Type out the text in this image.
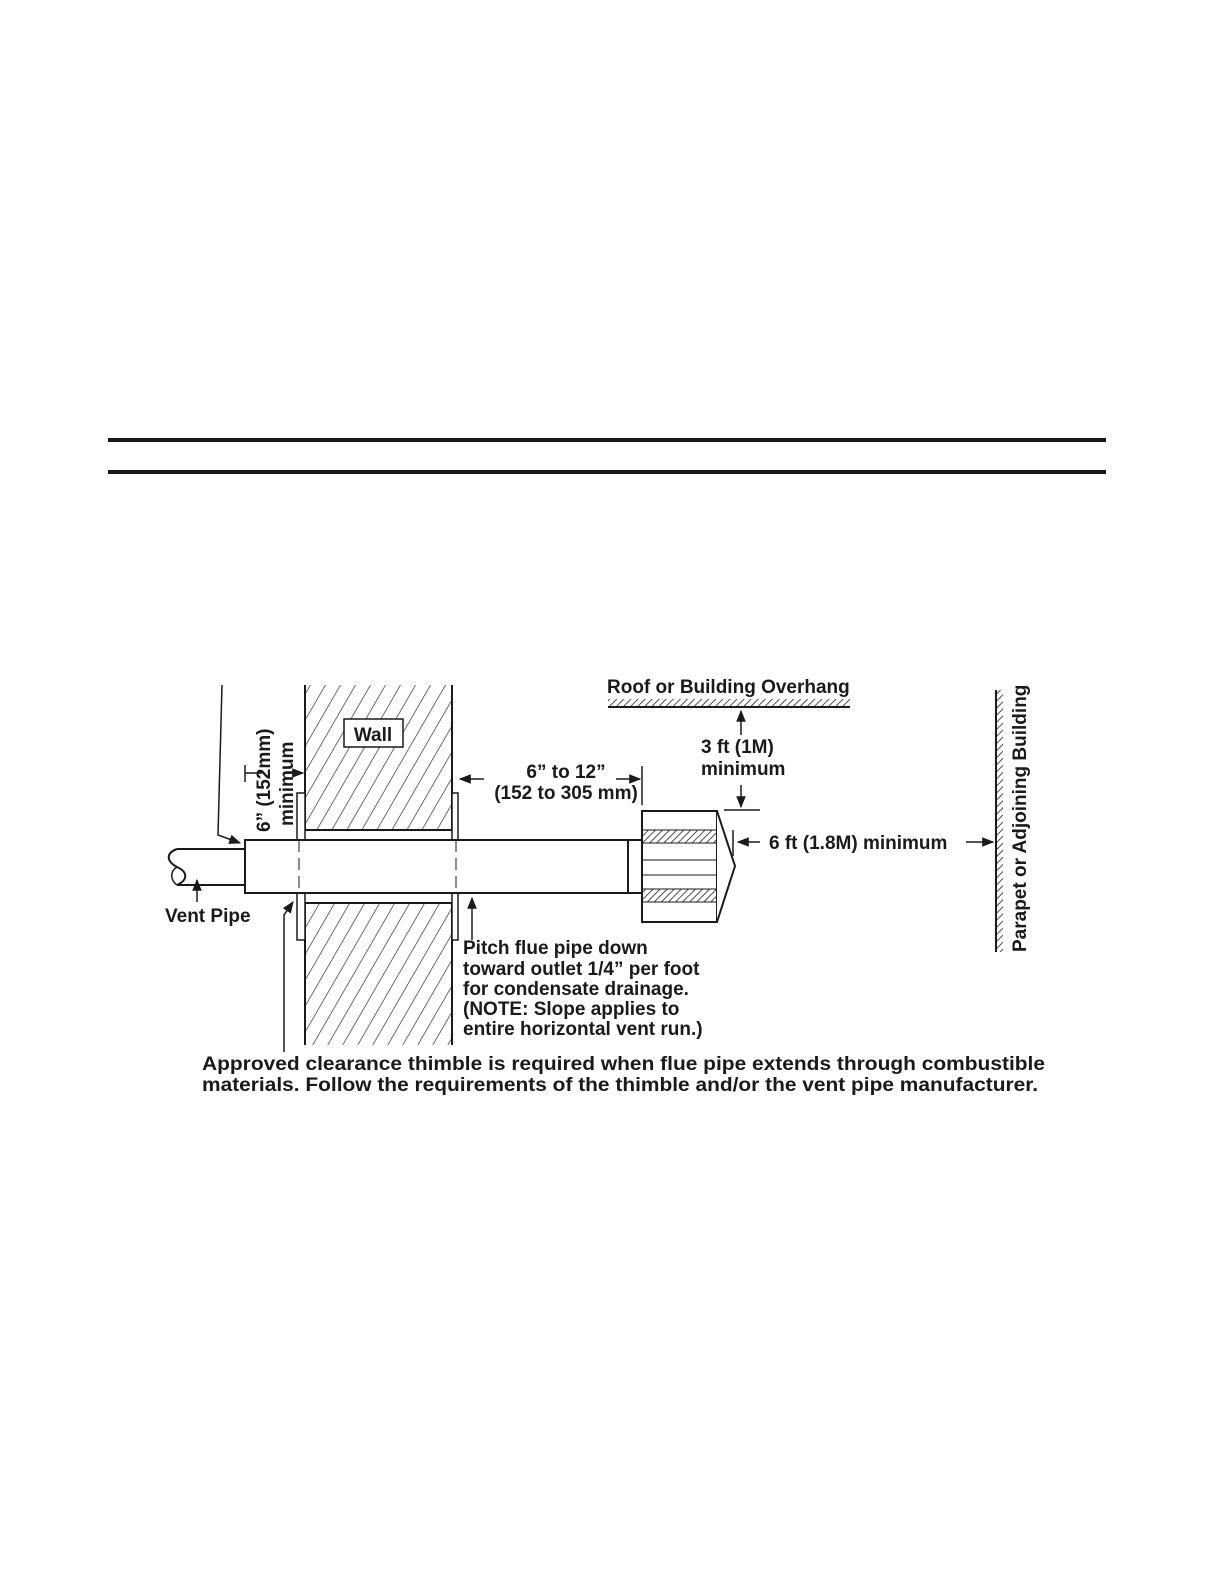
Wall
Roof or Building Overhang	Parapet or Adjoining Building
6” (152mm) minimum	6” to 12”
(152 to 305 mm)
3 ft (1M)
minimum
6 ft (1.8M) minimum
Vent Pipe
Pitch flue pipe down
toward outlet 1/4” per foot
for condensate drainage.
(NOTE: Slope applies to
entire horizontal vent run.)
Approved clearance thimble is required when flue pipe extends through combustible
materials. Follow the requirements of the thimble and/or the vent pipe manufacturer.
